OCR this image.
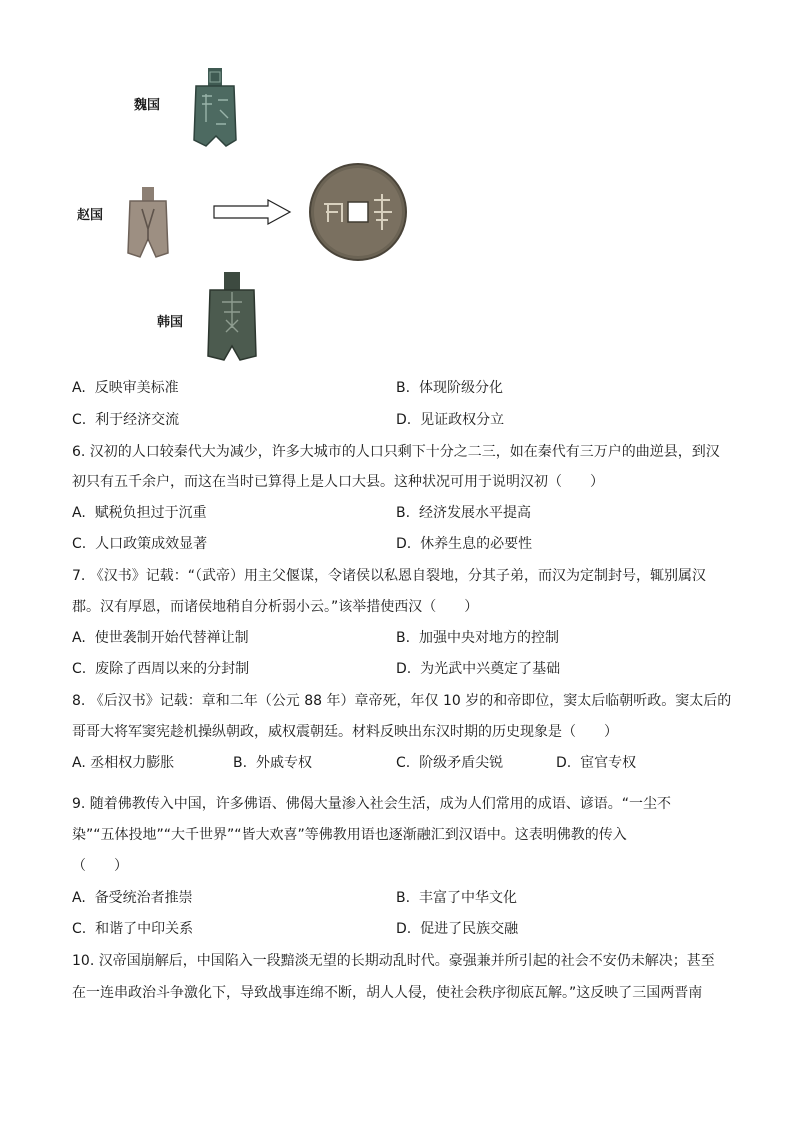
魏国
赵国
韩国
A. 反映审美标准	B. 体现阶级分化
C. 利于经济交流	D. 见证政权分立
6. 汉初的人口较秦代大为减少，许多大城市的人口只剩下十分之二三，如在秦代有三万户的曲逆县，到汉
初只有五千余户，而这在当时已算得上是人口大县。这种状况可用于说明汉初（　　）
A. 赋税负担过于沉重	B. 经济发展水平提高
C. 人口政策成效显著	D. 休养生息的必要性
7. 《汉书》记载：“（武帝）用主父偃谋，令诸侯以私恩自裂地，分其子弟，而汉为定制封号，辄别属汉
郡。汉有厚恩，而诸侯地稍自分析弱小云。”该举措使西汉（　　）
A. 使世袭制开始代替禅让制	B. 加强中央对地方的控制
C. 废除了西周以来的分封制	D. 为光武中兴奠定了基础
8. 《后汉书》记载：章和二年（公元 88 年）章帝死，年仅 10 岁的和帝即位，窦太后临朝听政。窦太后的
哥哥大将军窦宪趁机操纵朝政，威权震朝廷。材料反映出东汉时期的历史现象是（　　）
A. 丞相权力膨胀	B. 外戚专权	C. 阶级矛盾尖锐	D. 宦官专权
9. 随着佛教传入中国，许多佛语、佛偈大量渗入社会生活，成为人们常用的成语、谚语。“一尘不
染”“五体投地”“大千世界”“皆大欢喜”等佛教用语也逐渐融汇到汉语中。这表明佛教的传入
（　　）
A. 备受统治者推崇	B. 丰富了中华文化
C. 和谐了中印关系	D. 促进了民族交融
10. 汉帝国崩解后，中国陷入一段黯淡无望的长期动乱时代。豪强兼并所引起的社会不安仍未解决；甚至
在一连串政治斗争激化下，导致战事连绵不断，胡人人侵，使社会秩序彻底瓦解。”这反映了三国两晋南
